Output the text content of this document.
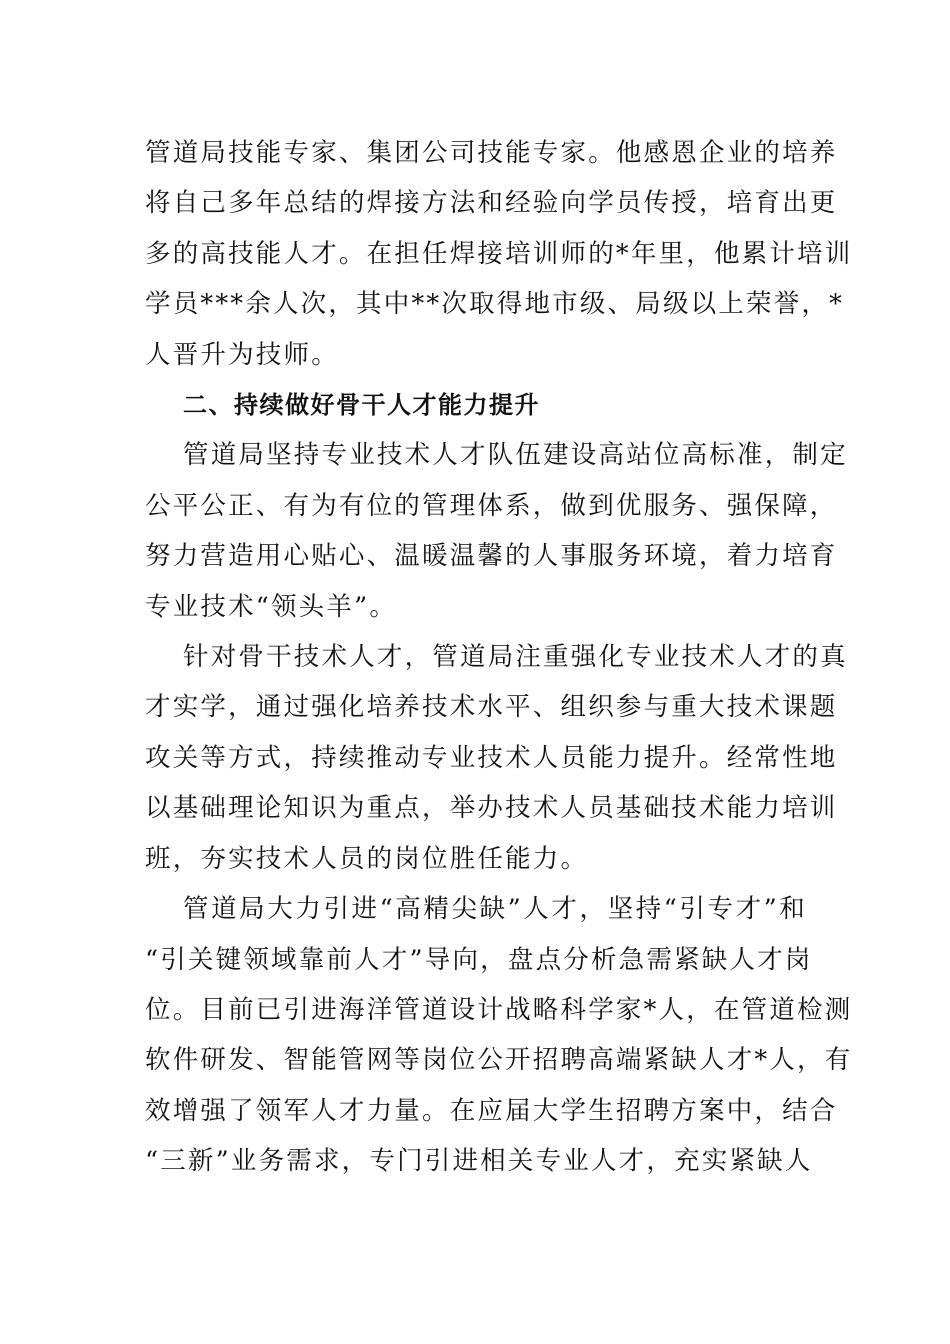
管道局技能专家、集团公司技能专家。他感恩企业的培养
将自己多年总结的焊接方法和经验向学员传授，培育出更
多的高技能人才。在担任焊接培训师的*年里，他累计培训
学员***余人次，其中**次取得地市级、局级以上荣誉，*
人晋升为技师。
二、持续做好骨干人才能力提升
管道局坚持专业技术人才队伍建设高站位高标准，制定
公平公正、有为有位的管理体系，做到优服务、强保障，
努力营造用心贴心、温暖温馨的人事服务环境，着力培育
专业技术“领头羊”。
针对骨干技术人才，管道局注重强化专业技术人才的真
才实学，通过强化培养技术水平、组织参与重大技术课题
攻关等方式，持续推动专业技术人员能力提升。经常性地
以基础理论知识为重点，举办技术人员基础技术能力培训
班，夯实技术人员的岗位胜任能力。
管道局大力引进“高精尖缺”人才，坚持“引专才”和
“引关键领域靠前人才”导向，盘点分析急需紧缺人才岗
位。目前已引进海洋管道设计战略科学家*人，在管道检测
软件研发、智能管网等岗位公开招聘高端紧缺人才*人，有
效增强了领军人才力量。在应届大学生招聘方案中，结合
“三新”业务需求，专门引进相关专业人才，充实紧缺人
